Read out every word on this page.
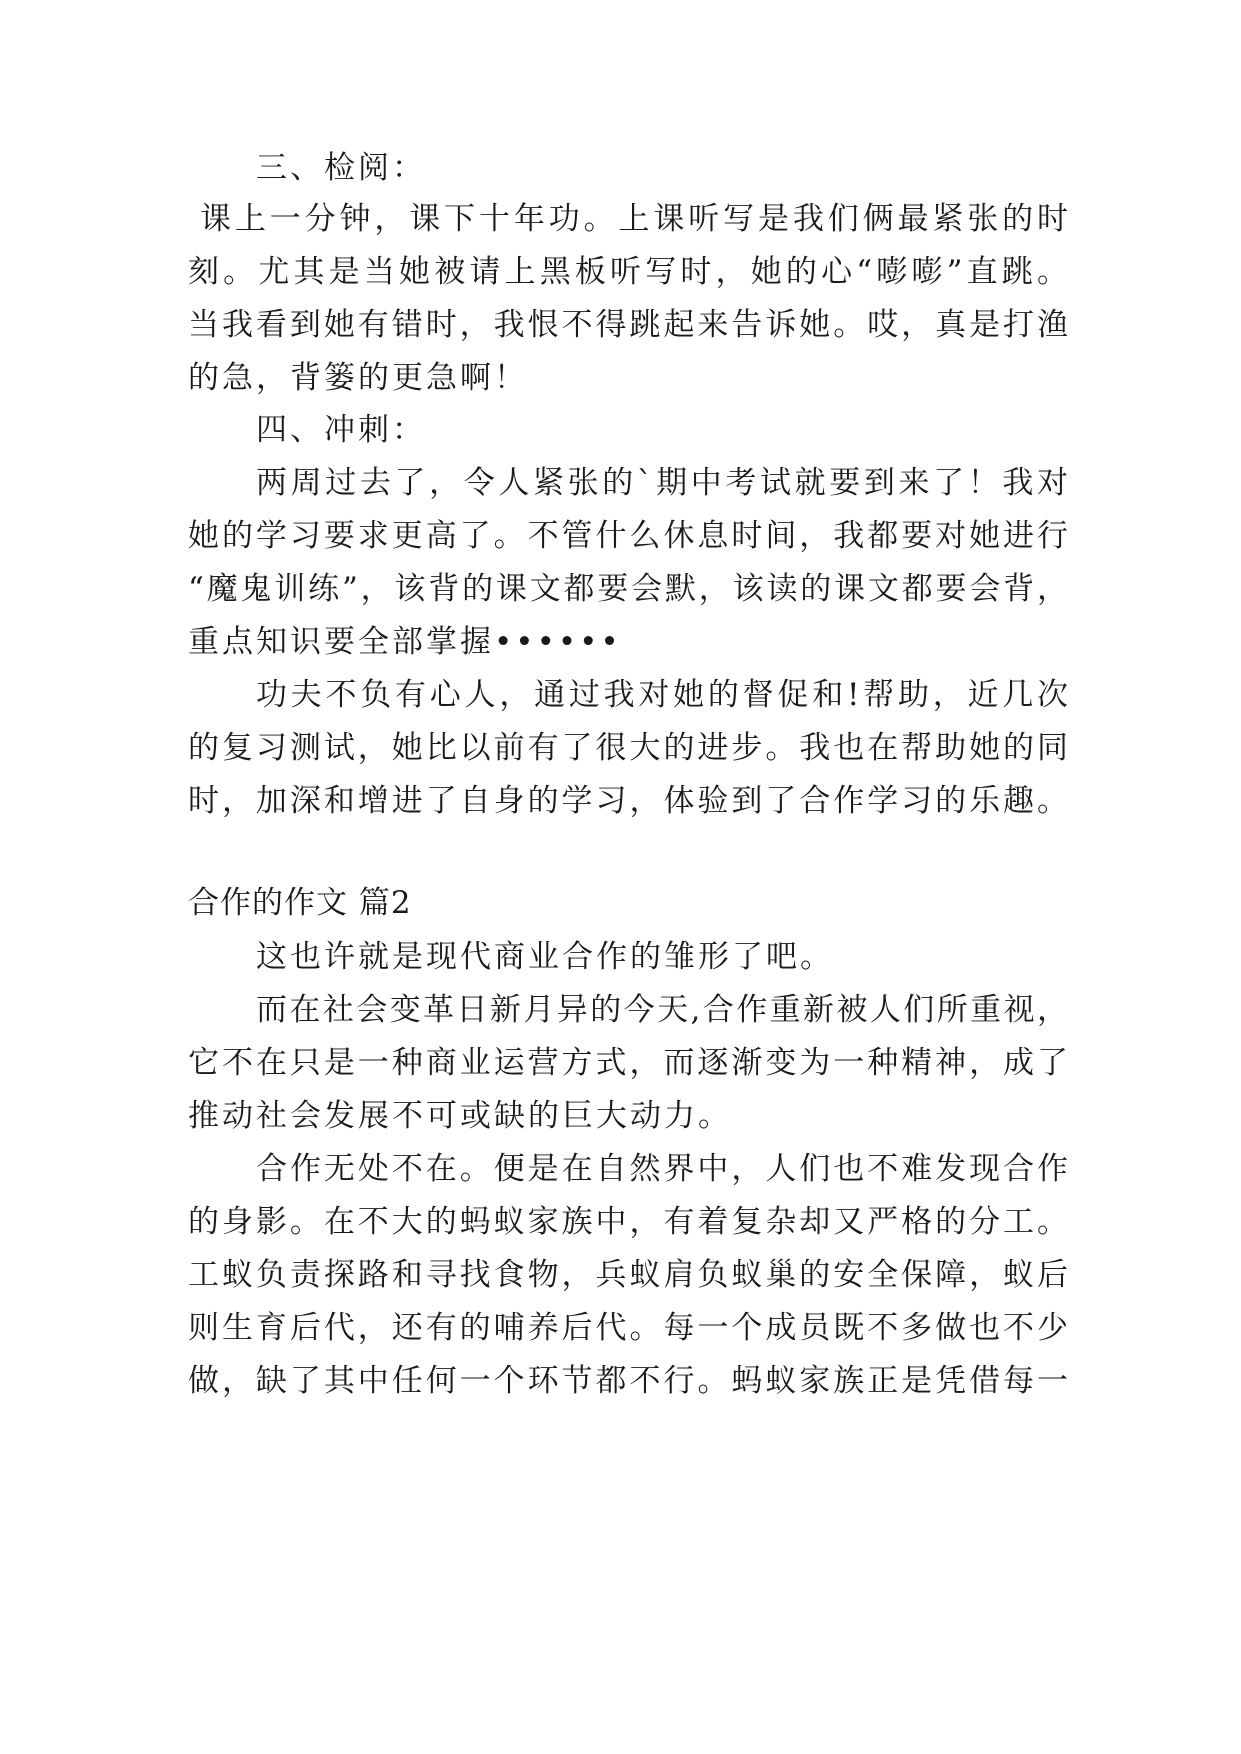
三、检阅：
课上一分钟，课下十年功。上课听写是我们俩最紧张的时
刻。尤其是当她被请上黑板听写时，她的心“嘭嘭”直跳。
当我看到她有错时，我恨不得跳起来告诉她。哎，真是打渔
的急，背篓的更急啊！
四、冲刺：
两周过去了，令人紧张的`期中考试就要到来了！我对
她的学习要求更高了。不管什么休息时间，我都要对她进行
“魔鬼训练”，该背的课文都要会默，该读的课文都要会背，
重点知识要全部掌握••••••
功夫不负有心人，通过我对她的督促和!帮助，近几次
的复习测试，她比以前有了很大的进步。我也在帮助她的同
时，加深和增进了自身的学习，体验到了合作学习的乐趣。
合作的作文 篇2
这也许就是现代商业合作的雏形了吧。
而在社会变革日新月异的今天,合作重新被人们所重视，
它不在只是一种商业运营方式，而逐渐变为一种精神，成了
推动社会发展不可或缺的巨大动力。
合作无处不在。便是在自然界中，人们也不难发现合作
的身影。在不大的蚂蚁家族中，有着复杂却又严格的分工。
工蚁负责探路和寻找食物，兵蚁肩负蚁巢的安全保障，蚁后
则生育后代，还有的哺养后代。每一个成员既不多做也不少
做，缺了其中任何一个环节都不行。蚂蚁家族正是凭借每一
